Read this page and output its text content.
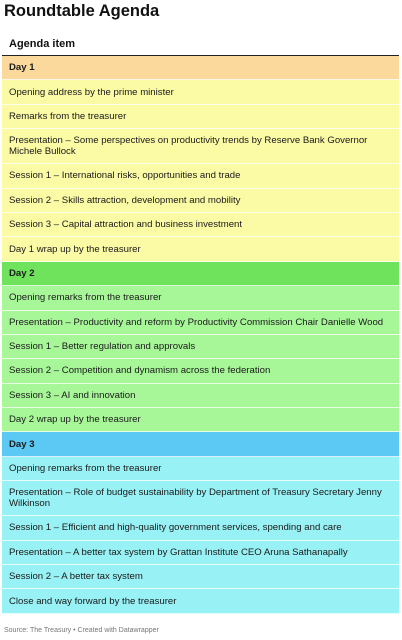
Roundtable Agenda
Agenda item
Day 1
Opening address by the prime minister
Remarks from the treasurer
Presentation – Some perspectives on productivity trends by Reserve Bank Governor Michele Bullock
Session 1 – International risks, opportunities and trade
Session 2 – Skills attraction, development and mobility
Session 3 – Capital attraction and business investment
Day 1 wrap up by the treasurer
Day 2
Opening remarks from the treasurer
Presentation – Productivity and reform by Productivity Commission Chair Danielle Wood
Session 1 – Better regulation and approvals
Session 2 – Competition and dynamism across the federation
Session 3 – AI and innovation
Day 2 wrap up by the treasurer
Day 3
Opening remarks from the treasurer
Presentation – Role of budget sustainability by Department of Treasury Secretary Jenny Wilkinson
Session 1 – Efficient and high-quality government services, spending and care
Presentation – A better tax system by Grattan Institute CEO Aruna Sathanapally
Session 2 – A better tax system
Close and way forward by the treasurer
Source: The Treasury • Created with Datawrapper
